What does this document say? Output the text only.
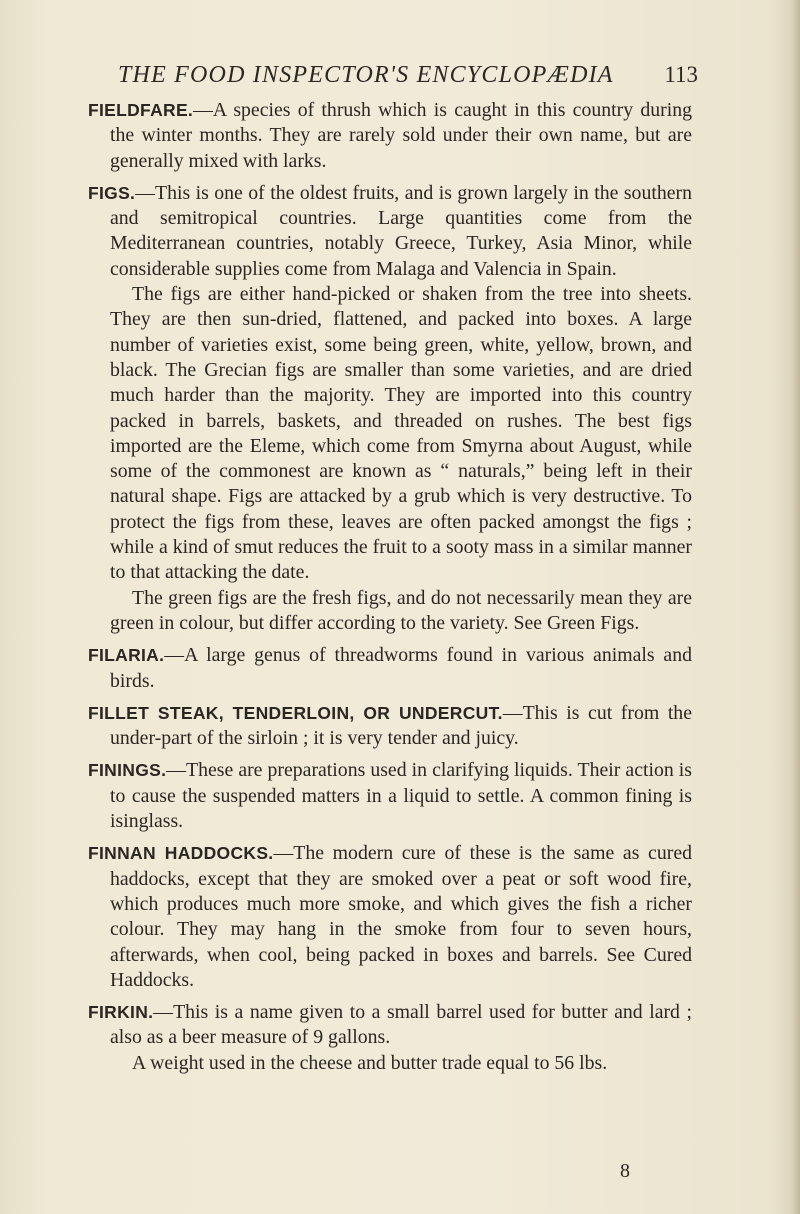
THE FOOD INSPECTOR'S ENCYCLOPÆDIA 113

FIELDFARE.—A species of thrush which is caught in this country during the winter months. They are rarely sold under their own name, but are generally mixed with larks.

FIGS.—This is one of the oldest fruits, and is grown largely in the southern and semitropical countries. Large quantities come from the Mediterranean countries, notably Greece, Turkey, Asia Minor, while considerable supplies come from Malaga and Valencia in Spain.

The figs are either hand-picked or shaken from the tree into sheets. They are then sun-dried, flattened, and packed into boxes. A large number of varieties exist, some being green, white, yellow, brown, and black. The Grecian figs are smaller than some varieties, and are dried much harder than the majority. They are imported into this country packed in barrels, baskets, and threaded on rushes. The best figs imported are the Eleme, which come from Smyrna about August, while some of the commonest are known as “ naturals,” being left in their natural shape. Figs are attacked by a grub which is very destructive. To protect the figs from these, leaves are often packed amongst the figs ; while a kind of smut reduces the fruit to a sooty mass in a similar manner to that attacking the date.

The green figs are the fresh figs, and do not necessarily mean they are green in colour, but differ according to the variety. See Green Figs.

FILARIA.—A large genus of threadworms found in various animals and birds.

FILLET STEAK, TENDERLOIN, OR UNDERCUT.—This is cut from the under-part of the sirloin ; it is very tender and juicy.

FININGS.—These are preparations used in clarifying liquids. Their action is to cause the suspended matters in a liquid to settle. A common fining is isinglass.

FINNAN HADDOCKS.—The modern cure of these is the same as cured haddocks, except that they are smoked over a peat or soft wood fire, which produces much more smoke, and which gives the fish a richer colour. They may hang in the smoke from four to seven hours, afterwards, when cool, being packed in boxes and barrels. See Cured Haddocks.

FIRKIN.—This is a name given to a small barrel used for butter and lard ; also as a beer measure of 9 gallons.

A weight used in the cheese and butter trade equal to 56 lbs.

8
